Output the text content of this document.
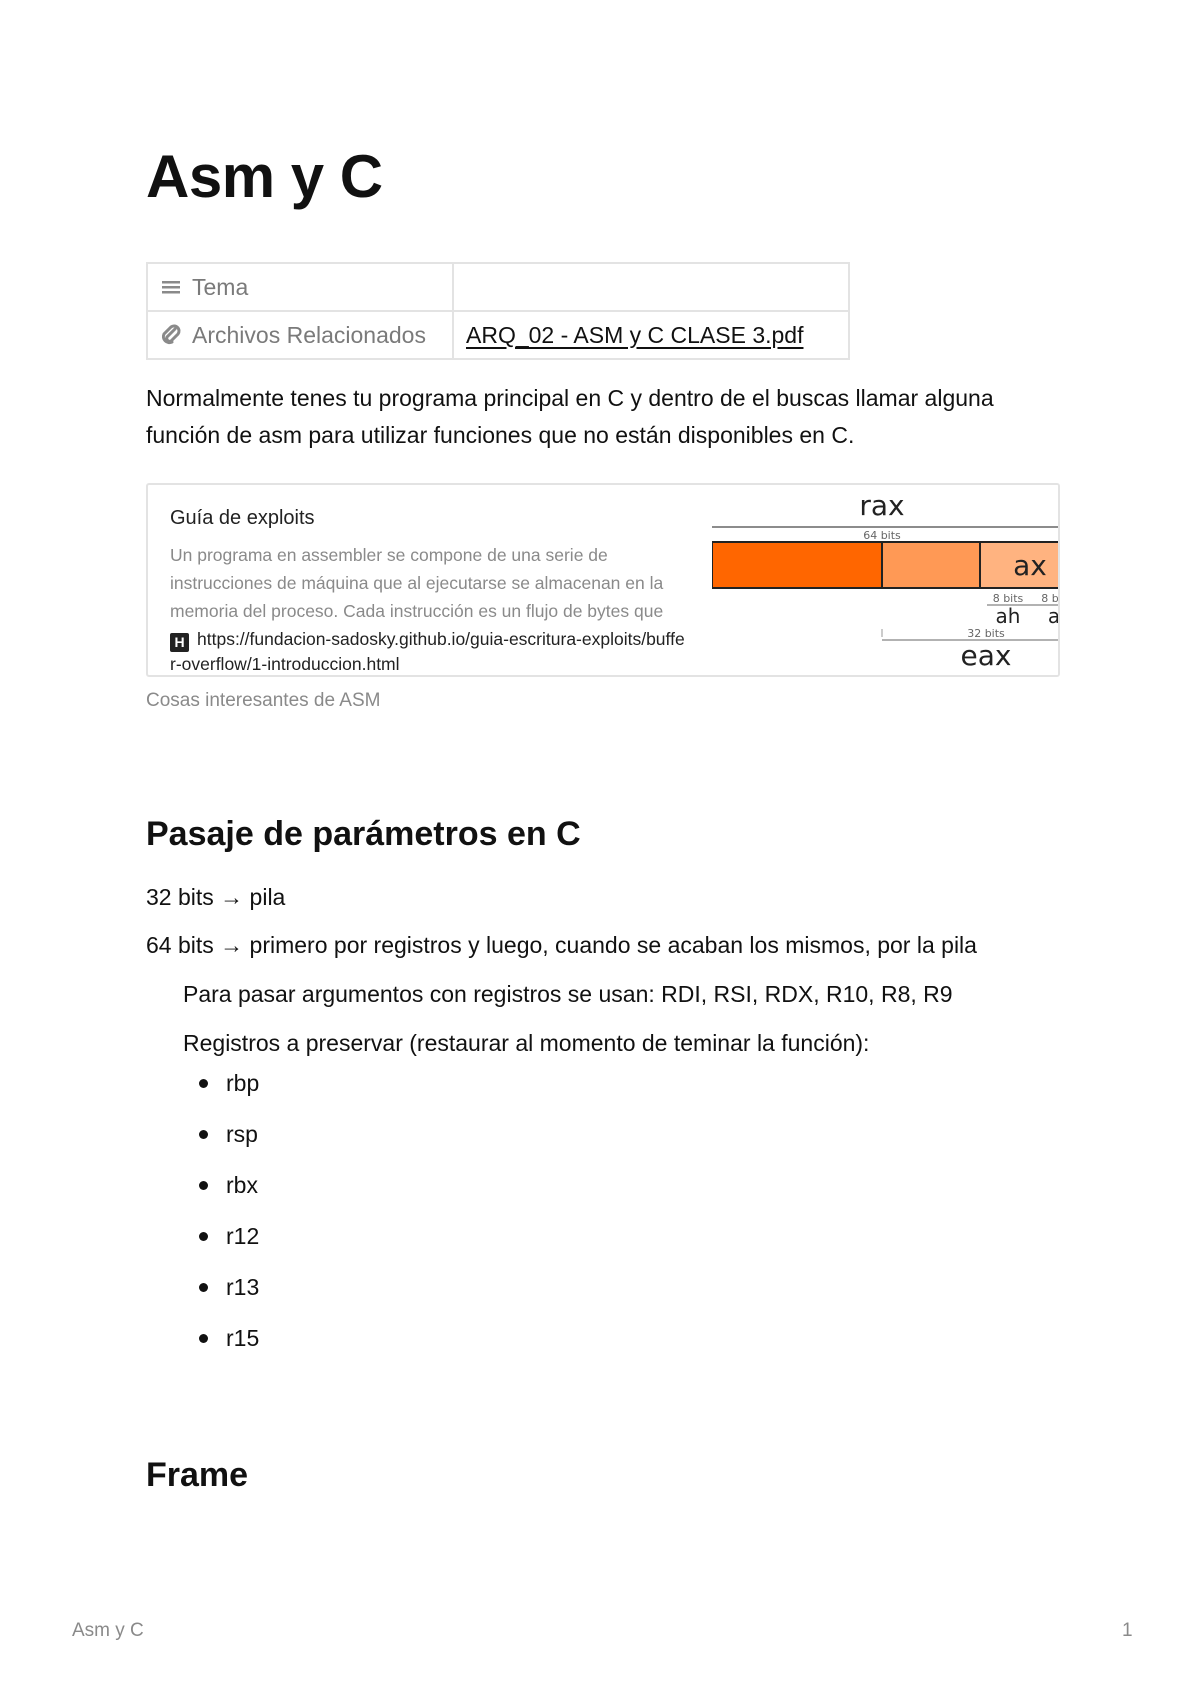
Asm y C
Tema	
Archivos Relacionados	ARQ_02 - ASM y C CLASE 3.pdf

Normalmente tenes tu programa principal en C y dentro de el buscas llamar alguna función de asm para utilizar funciones que no están disponibles en C.

Guía de exploits
Un programa en assembler se compone de una serie de instrucciones de máquina que al ejecutarse se almacenan en la memoria del proceso. Cada instrucción es un flujo de bytes que
H https://fundacion-sadosky.github.io/guia-escritura-exploits/buffer-overflow/1-introduccion.html
rax
64 bits
ax
8 bits 8 b
ah a
32 bits
eax
Cosas interesantes de ASM
Pasaje de parámetros en C

32 bits → pila

64 bits → primero por registros y luego, cuando se acaban los mismos, por la pila

Para pasar argumentos con registros se usan: RDI, RSI, RDX, R10, R8, R9

Registros a preservar (restaurar al momento de teminar la función):

rbp
rsp
rbx
r12
r13
r15
Frame
Asm y C	1
